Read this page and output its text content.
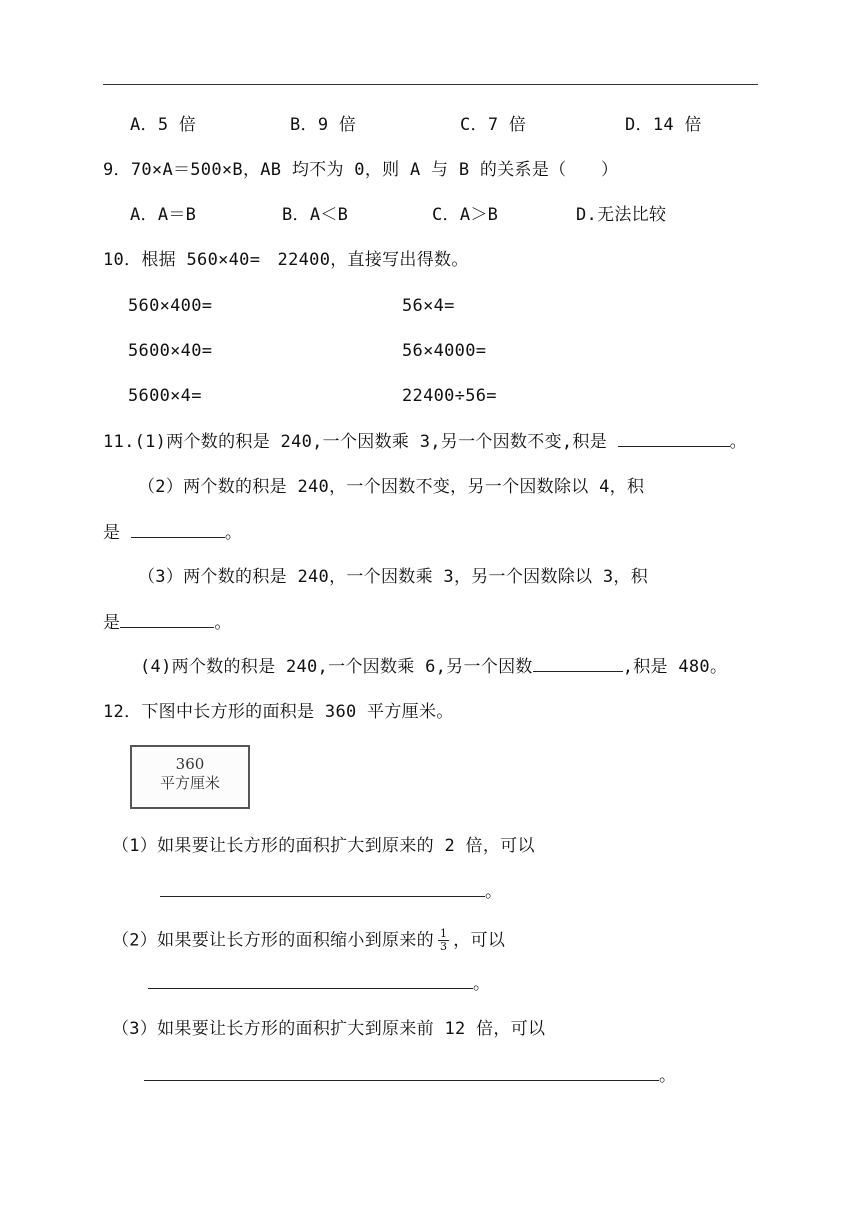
A．5 倍	B．9 倍	C．7 倍	D．14 倍
9．70×A＝500×B，AB 均不为 0，则 A 与 B 的关系是（　　）
A．A＝B	B．A＜B	C．A＞B	D.无法比较
10．根据 560×40=　22400，直接写出得数。
560×400=	56×4=
5600×40=	56×4000=
5600×4=	22400÷56=
11.(1)两个数的积是 240,一个因数乘 3,另一个因数不变,积是	。
（2）两个数的积是 240，一个因数不变，另一个因数除以 4，积
是	。
（3）两个数的积是 240，一个因数乘 3，另一个因数除以 3，积
是	。
(4)两个数的积是 240,一个因数乘 6,另一个因数	,积是 480。
12．下图中长方形的面积是 360 平方厘米。
360
平方厘米
（1）如果要让长方形的面积扩大到原来的 2 倍，可以
。
（2）如果要让长方形的面积缩小到原来的 $\frac{1}{3}$ ，可以
。
（3）如果要让长方形的面积扩大到原来前 12 倍，可以
。
